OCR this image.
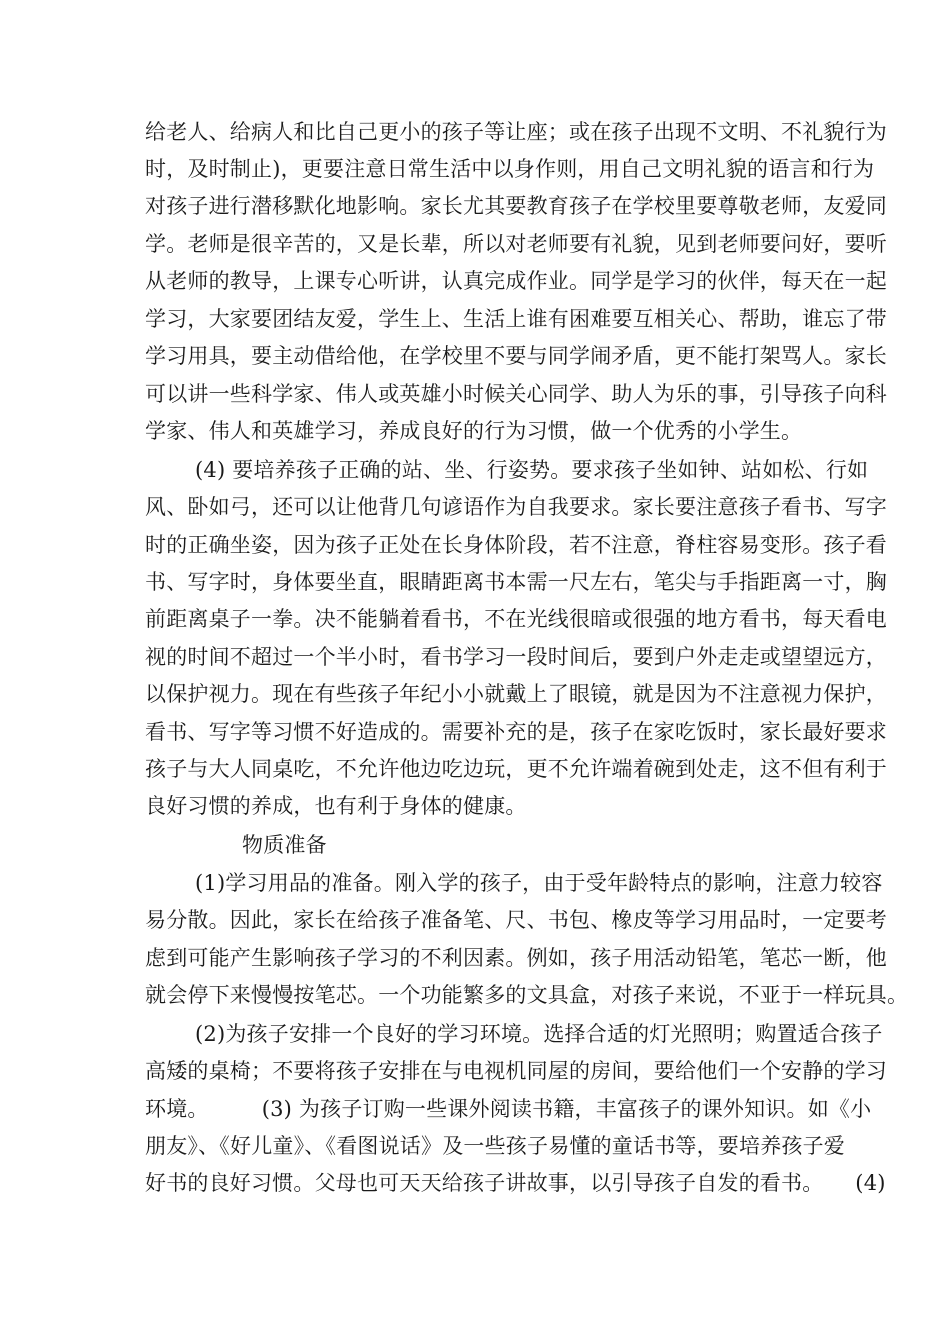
给老人、给病人和比自己更小的孩子等让座；或在孩子出现不文明、不礼貌行为
时，及时制止)，更要注意日常生活中以身作则，用自己文明礼貌的语言和行为
对孩子进行潜移默化地影响。家长尤其要教育孩子在学校里要尊敬老师，友爱同
学。老师是很辛苦的，又是长辈，所以对老师要有礼貌，见到老师要问好，要听
从老师的教导，上课专心听讲，认真完成作业。同学是学习的伙伴，每天在一起
学习，大家要团结友爱，学生上、生活上谁有困难要互相关心、帮助，谁忘了带
学习用具，要主动借给他，在学校里不要与同学闹矛盾，更不能打架骂人。家长
可以讲一些科学家、伟人或英雄小时候关心同学、助人为乐的事，引导孩子向科
学家、伟人和英雄学习，养成良好的行为习惯，做一个优秀的小学生。
(4) 要培养孩子正确的站、坐、行姿势。要求孩子坐如钟、站如松、行如
风、卧如弓，还可以让他背几句谚语作为自我要求。家长要注意孩子看书、写字
时的正确坐姿，因为孩子正处在长身体阶段，若不注意，脊柱容易变形。孩子看
书、写字时，身体要坐直，眼睛距离书本需一尺左右，笔尖与手指距离一寸，胸
前距离桌子一拳。决不能躺着看书，不在光线很暗或很强的地方看书，每天看电
视的时间不超过一个半小时，看书学习一段时间后，要到户外走走或望望远方，
以保护视力。现在有些孩子年纪小小就戴上了眼镜，就是因为不注意视力保护，
看书、写字等习惯不好造成的。需要补充的是，孩子在家吃饭时，家长最好要求
孩子与大人同桌吃，不允许他边吃边玩，更不允许端着碗到处走，这不但有利于
良好习惯的养成，也有利于身体的健康。
物质准备
(1)学习用品的准备。刚入学的孩子，由于受年龄特点的影响，注意力较容
易分散。因此，家长在给孩子准备笔、尺、书包、橡皮等学习用品时，一定要考
虑到可能产生影响孩子学习的不利因素。例如，孩子用活动铅笔，笔芯一断，他
就会停下来慢慢按笔芯。一个功能繁多的文具盒，对孩子来说，不亚于一样玩具。
(2)为孩子安排一个良好的学习环境。选择合适的灯光照明；购置适合孩子
高矮的桌椅；不要将孩子安排在与电视机同屋的房间，要给他们一个安静的学习
环境。　　　(3) 为孩子订购一些课外阅读书籍，丰富孩子的课外知识。如《小
朋友》、《好儿童》、《看图说话》及一些孩子易懂的童话书等，要培养孩子爱
好书的良好习惯。父母也可天天给孩子讲故事，以引导孩子自发的看书。　　(4)
